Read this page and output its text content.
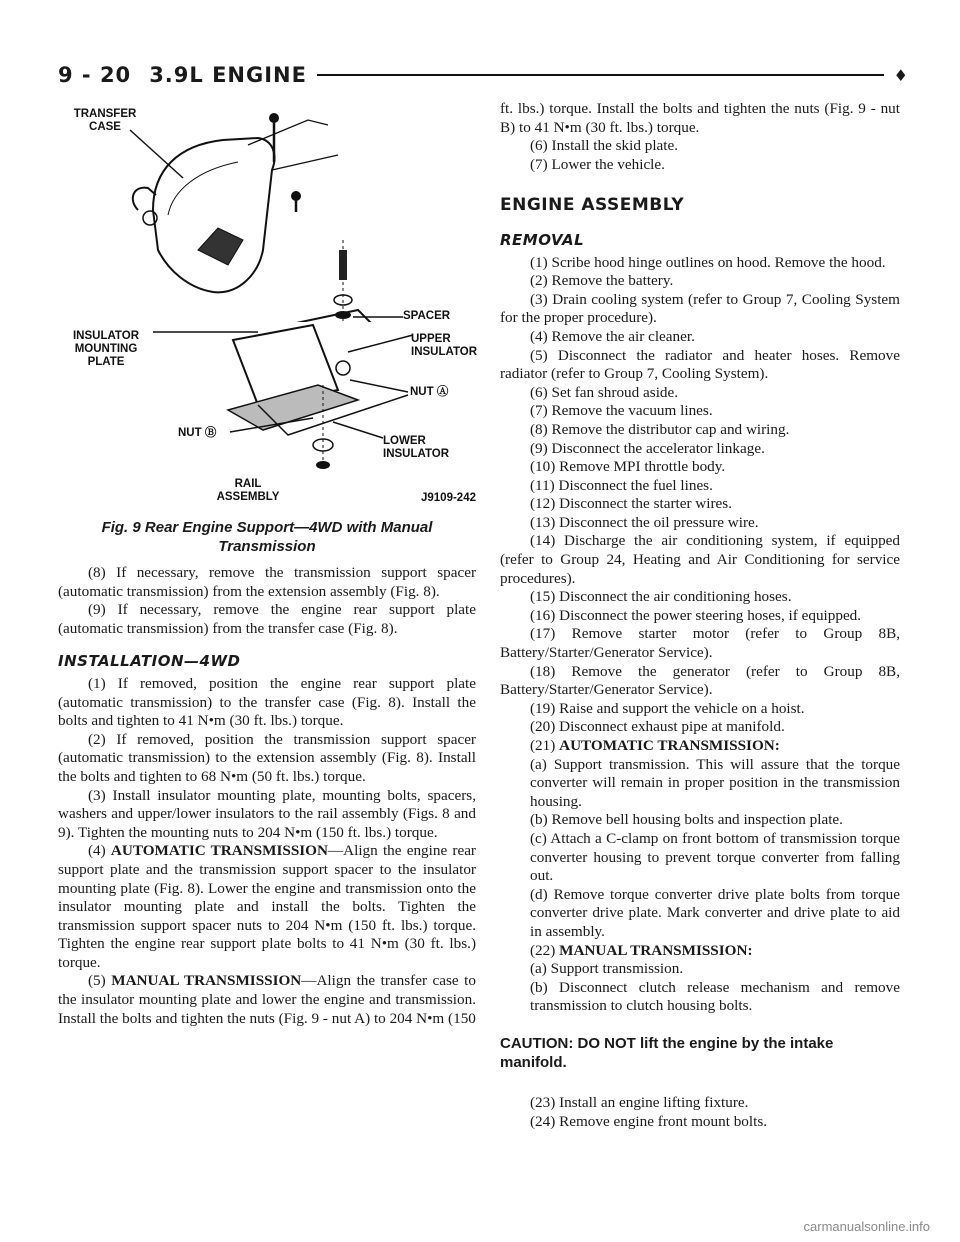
9 - 20 3.9L ENGINE	♦
TRANSFER
CASE
SPACER
INSULATOR
MOUNTING
PLATE
UPPER
INSULATOR
NUT Ⓐ
NUT Ⓑ
LOWER
INSULATOR
RAIL
ASSEMBLY	J9109-242

Fig. 9 Rear Engine Support—4WD with Manual Transmission

(8) If necessary, remove the transmission support spacer (automatic transmission) from the extension assembly (Fig. 8).

(9) If necessary, remove the engine rear support plate (automatic transmission) from the transfer case (Fig. 8).

INSTALLATION—4WD

(1) If removed, position the engine rear support plate (automatic transmission) to the transfer case (Fig. 8). Install the bolts and tighten to 41 N•m (30 ft. lbs.) torque.

(2) If removed, position the transmission support spacer (automatic transmission) to the extension assembly (Fig. 8). Install the bolts and tighten to 68 N•m (50 ft. lbs.) torque.

(3) Install insulator mounting plate, mounting bolts, spacers, washers and upper/lower insulators to the rail assembly (Figs. 8 and 9). Tighten the mounting nuts to 204 N•m (150 ft. lbs.) torque.

(4) AUTOMATIC TRANSMISSION—Align the engine rear support plate and the transmission support spacer to the insulator mounting plate (Fig. 8). Lower the engine and transmission onto the insulator mounting plate and install the bolts. Tighten the transmission support spacer nuts to 204 N•m (150 ft. lbs.) torque. Tighten the engine rear support plate bolts to 41 N•m (30 ft. lbs.) torque.

(5) MANUAL TRANSMISSION—Align the transfer case to the insulator mounting plate and lower the engine and transmission. Install the bolts and tighten the nuts (Fig. 9 - nut A) to 204 N•m (150

ft. lbs.) torque. Install the bolts and tighten the nuts (Fig. 9 - nut B) to 41 N•m (30 ft. lbs.) torque.

(6) Install the skid plate.

(7) Lower the vehicle.

ENGINE ASSEMBLY
REMOVAL

(1) Scribe hood hinge outlines on hood. Remove the hood.

(2) Remove the battery.

(3) Drain cooling system (refer to Group 7, Cooling System for the proper procedure).

(4) Remove the air cleaner.

(5) Disconnect the radiator and heater hoses. Remove radiator (refer to Group 7, Cooling System).

(6) Set fan shroud aside.

(7) Remove the vacuum lines.

(8) Remove the distributor cap and wiring.

(9) Disconnect the accelerator linkage.

(10) Remove MPI throttle body.

(11) Disconnect the fuel lines.

(12) Disconnect the starter wires.

(13) Disconnect the oil pressure wire.

(14) Discharge the air conditioning system, if equipped (refer to Group 24, Heating and Air Conditioning for service procedures).

(15) Disconnect the air conditioning hoses.

(16) Disconnect the power steering hoses, if equipped.

(17) Remove starter motor (refer to Group 8B, Battery/Starter/Generator Service).

(18) Remove the generator (refer to Group 8B, Battery/Starter/Generator Service).

(19) Raise and support the vehicle on a hoist.

(20) Disconnect exhaust pipe at manifold.

(21) AUTOMATIC TRANSMISSION:

(a) Support transmission. This will assure that the torque converter will remain in proper position in the transmission housing.

(b) Remove bell housing bolts and inspection plate.

(c) Attach a C-clamp on front bottom of transmission torque converter housing to prevent torque converter from falling out.

(d) Remove torque converter drive plate bolts from torque converter drive plate. Mark converter and drive plate to aid in assembly.

(22) MANUAL TRANSMISSION:

(a) Support transmission.

(b) Disconnect clutch release mechanism and remove transmission to clutch housing bolts.

CAUTION: DO NOT lift the engine by the intake manifold.

(23) Install an engine lifting fixture.

(24) Remove engine front mount bolts.

carmanualsonline.info
